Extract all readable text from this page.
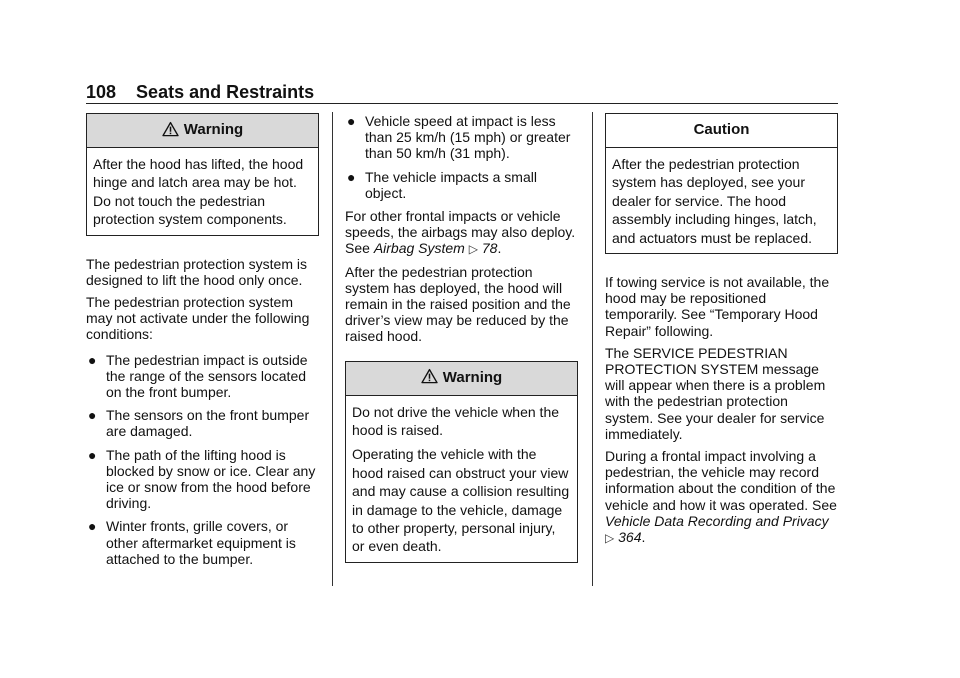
108 Seats and Restraints
Warning

After the hood has lifted, the hood hinge and latch area may be hot. Do not touch the pedestrian protection system components.

The pedestrian protection system is designed to lift the hood only once.

The pedestrian protection system may not activate under the following conditions:

● The pedestrian impact is outside the range of the sensors located on the front bumper.
● The sensors on the front bumper are damaged.
● The path of the lifting hood is blocked by snow or ice. Clear any ice or snow from the hood before driving.
● Winter fronts, grille covers, or other aftermarket equipment is attached to the bumper.
● Vehicle speed at impact is less than 25 km/h (15 mph) or greater than 50 km/h (31 mph).
● The vehicle impacts a small object.

For other frontal impacts or vehicle speeds, the airbags may also deploy. See Airbag System ▷ 78.

After the pedestrian protection system has deployed, the hood will remain in the raised position and the driver’s view may be reduced by the raised hood.

Warning

Do not drive the vehicle when the hood is raised.

Operating the vehicle with the hood raised can obstruct your view and may cause a collision resulting in damage to the vehicle, damage to other property, personal injury, or even death.

Caution

After the pedestrian protection system has deployed, see your dealer for service. The hood assembly including hinges, latch, and actuators must be replaced.

If towing service is not available, the hood may be repositioned temporarily. See “Temporary Hood Repair” following.

The SERVICE PEDESTRIAN PROTECTION SYSTEM message will appear when there is a problem with the pedestrian protection system. See your dealer for service immediately.

During a frontal impact involving a pedestrian, the vehicle may record information about the condition of the vehicle and how it was operated. See Vehicle Data Recording and Privacy ▷ 364.
